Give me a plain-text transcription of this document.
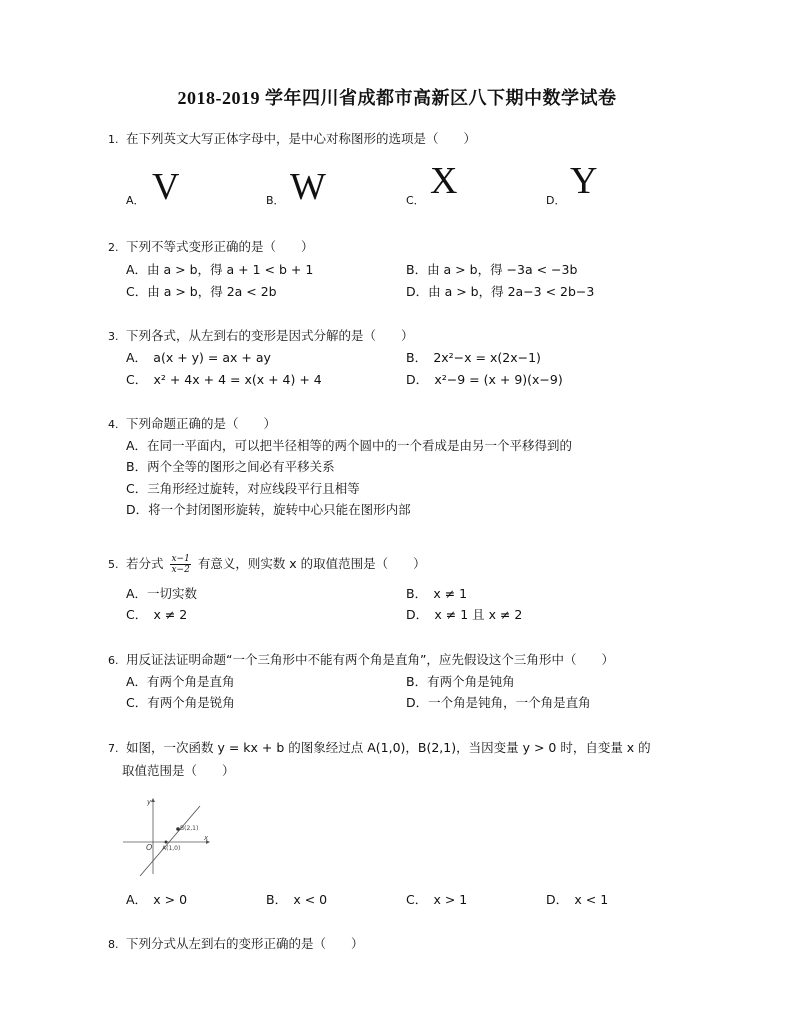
2018-2019 学年四川省成都市高新区八下期中数学试卷
1. 在下列英文大写正体字母中，是中心对称图形的选项是（　　）
A． V	B． W	C． X	D． Y
2. 下列不等式变形正确的是（　　）
A．由 a > b，得 a + 1 < b + 1	B．由 a > b，得 −3a < −3b
C．由 a > b，得 2a < 2b	D．由 a > b，得 2a−3 < 2b−3
3. 下列各式，从左到右的变形是因式分解的是（　　）
A．　a(x + y) = ax + ay	B．　2x²−x = x(2x−1)
C．　x² + 4x + 4 = x(x + 4) + 4	D．　x²−9 = (x + 9)(x−9)
4. 下列命题正确的是（　　）
A．在同一平面内，可以把半径相等的两个圆中的一个看成是由另一个平移得到的
B．两个全等的图形之间必有平移关系
C．三角形经过旋转，对应线段平行且相等
D．将一个封闭图形旋转，旋转中心只能在图形内部
5. 若分式 $\frac{x-1}{x-2}$ 有意义，则实数 x 的取值范围是（　　）
A．一切实数	B．　x ≠ 1
C．　x ≠ 2	D．　x ≠ 1 且 x ≠ 2
6. 用反证法证明命题“一个三角形中不能有两个角是直角”，应先假设这个三角形中（　　）
A．有两个角是直角	B．有两个角是钝角
C．有两个角是锐角	D．一个角是钝角，一个角是直角
7. 如图，一次函数 y = kx + b 的图象经过点 A(1,0)，B(2,1)，当因变量 y > 0 时，自变量 x 的
取值范围是（　　）
y
x
O A(1,0)
B(2,1)
A．　x > 0	B．　x < 0	C．　x > 1	D．　x < 1
8. 下列分式从左到右的变形正确的是（　　）
